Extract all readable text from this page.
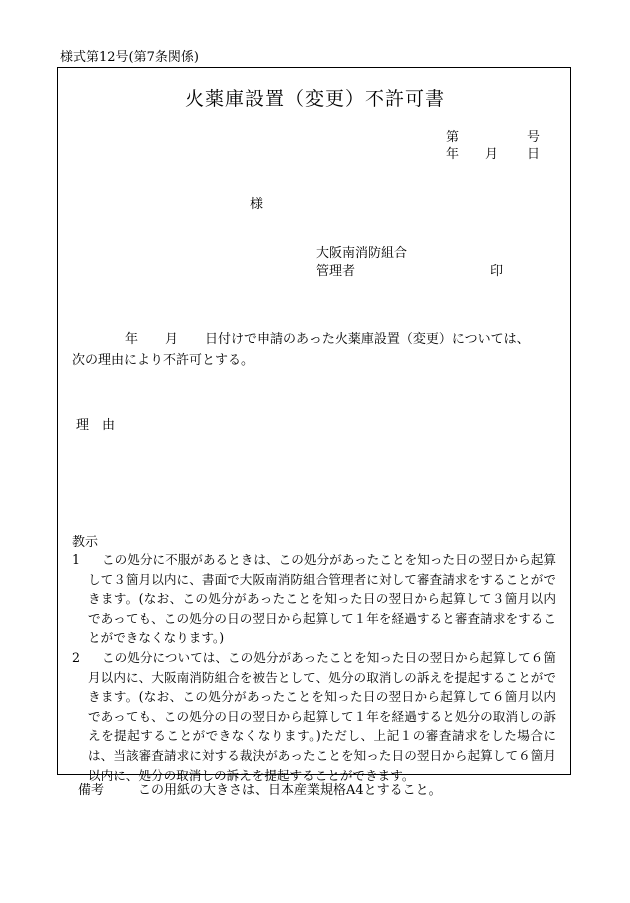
様式第12号(第7条関係)
火薬庫設置（変更）不許可書
第	号
年 月 日
様
大阪南消防組合
管理者	印
年 月 日付けで申請のあった火薬庫設置（変更）については、
次の理由により不許可とする。
理　由
教示
1	この処分に不服があるときは、この処分があったことを知った日の翌日から起算して３箇月以内に、書面で大阪南消防組合管理者に対して審査請求をすることができます。(なお、この処分があったことを知った日の翌日から起算して３箇月以内であっても、この処分の日の翌日から起算して１年を経過すると審査請求をすることができなくなります。)
2	この処分については、この処分があったことを知った日の翌日から起算して６箇月以内に、大阪南消防組合を被告として、処分の取消しの訴えを提起することができます。(なお、この処分があったことを知った日の翌日から起算して６箇月以内であっても、この処分の日の翌日から起算して１年を経過すると処分の取消しの訴えを提起することができなくなります。)ただし、上記１の審査請求をした場合には、当該審査請求に対する裁決があったことを知った日の翌日から起算して６箇月以内に、処分の取消しの訴えを提起することができます。
備考	この用紙の大きさは、日本産業規格A4とすること。
